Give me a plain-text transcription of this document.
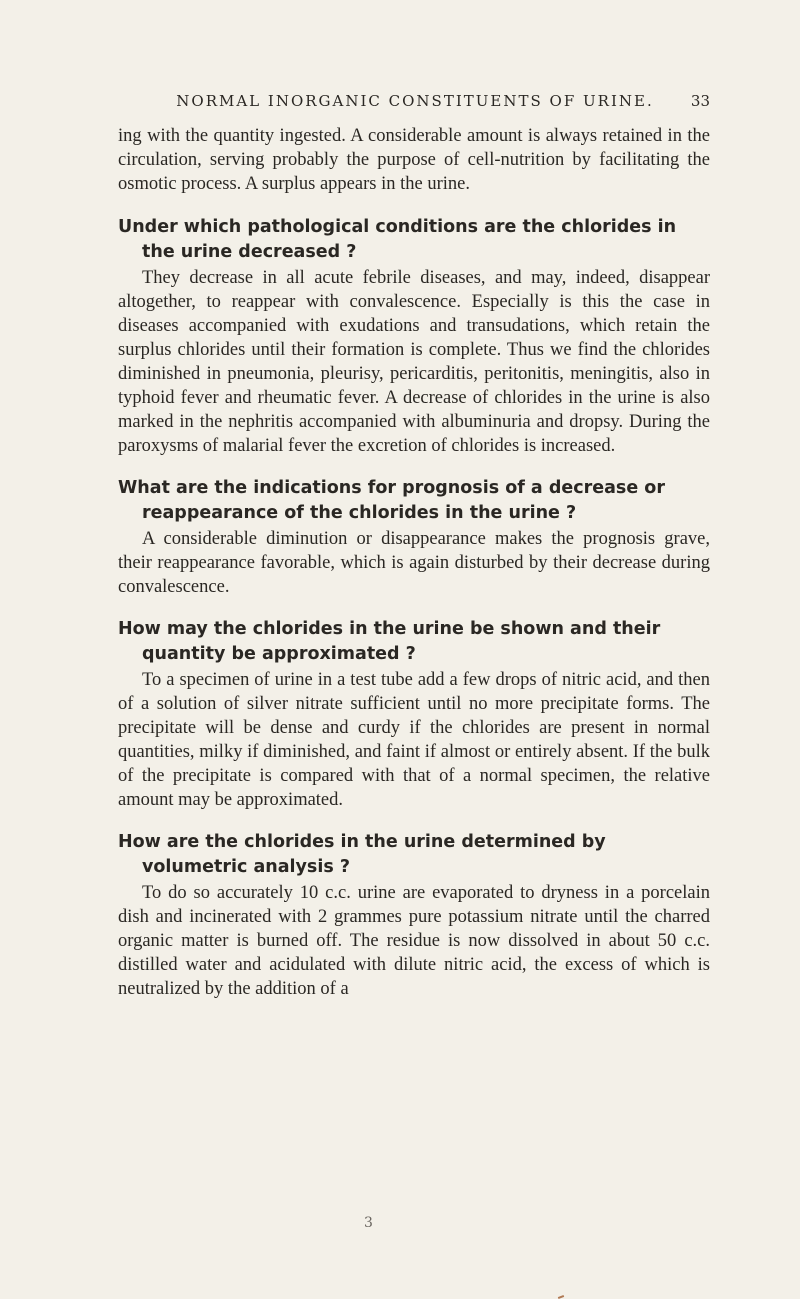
NORMAL INORGANIC CONSTITUENTS OF URINE.	33

ing with the quantity ingested. A considerable amount is always retained in the circulation, serving probably the purpose of cell-nutrition by facilitating the osmotic process. A surplus appears in the urine.

Under which pathological conditions are the chlorides in the urine decreased ?

They decrease in all acute febrile diseases, and may, indeed, disappear altogether, to reappear with convalescence. Especially is this the case in diseases accompanied with exudations and transudations, which retain the surplus chlorides until their formation is complete. Thus we find the chlorides diminished in pneumonia, pleurisy, pericarditis, peritonitis, meningitis, also in typhoid fever and rheumatic fever. A decrease of chlorides in the urine is also marked in the nephritis accompanied with albuminuria and dropsy. During the paroxysms of malarial fever the excretion of chlorides is increased.

What are the indications for prognosis of a decrease or reappearance of the chlorides in the urine ?

A considerable diminution or disappearance makes the prognosis grave, their reappearance favorable, which is again disturbed by their decrease during convalescence.

How may the chlorides in the urine be shown and their quantity be approximated ?

To a specimen of urine in a test tube add a few drops of nitric acid, and then of a solution of silver nitrate sufficient until no more precipitate forms. The precipitate will be dense and curdy if the chlorides are present in normal quantities, milky if diminished, and faint if almost or entirely absent. If the bulk of the precipitate is compared with that of a normal specimen, the relative amount may be approximated.

How are the chlorides in the urine determined by volumetric analysis ?

To do so accurately 10 c.c. urine are evaporated to dryness in a porcelain dish and incinerated with 2 grammes pure potassium nitrate until the charred organic matter is burned off. The residue is now dissolved in about 50 c.c. distilled water and acidulated with dilute nitric acid, the excess of which is neutralized by the addition of a

3
